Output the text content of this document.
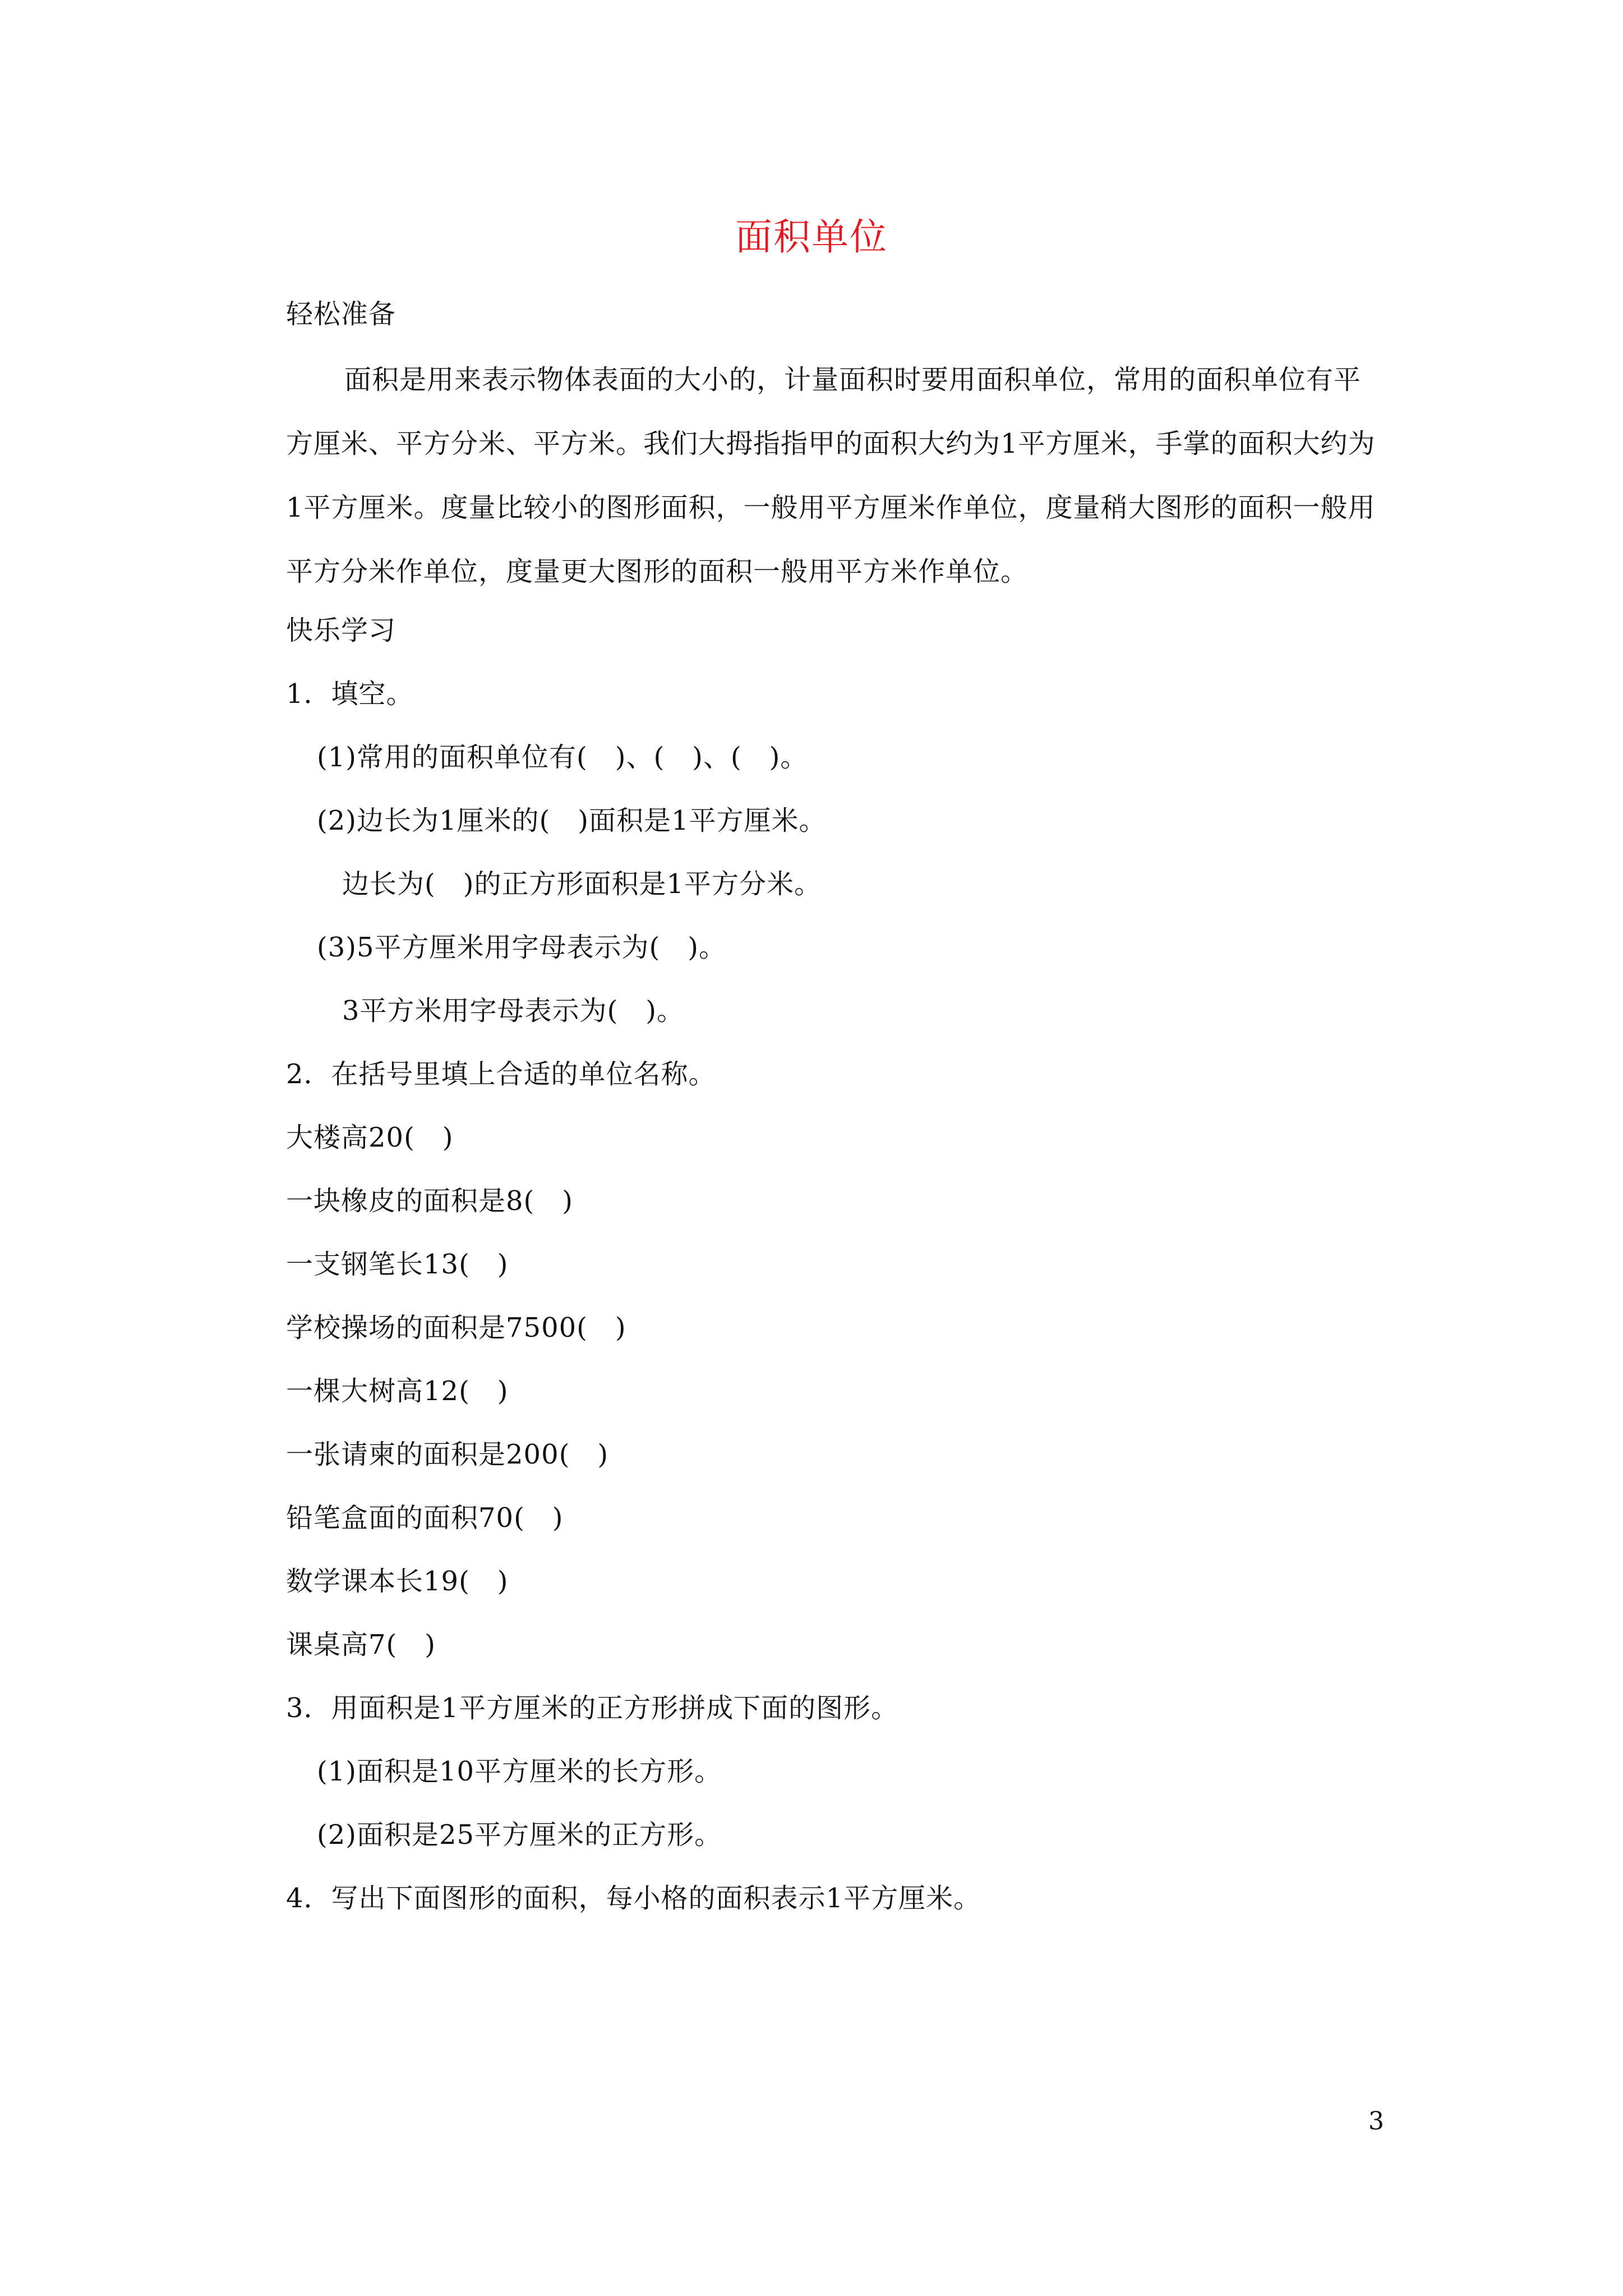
面积单位
轻松准备
面积是用来表示物体表面的大小的，计量面积时要用面积单位，常用的面积单位有平方厘米、平方分米、平方米。我们大拇指指甲的面积大约为1平方厘米，手掌的面积大约为1平方厘米。度量比较小的图形面积，一般用平方厘米作单位，度量稍大图形的面积一般用平方分米作单位，度量更大图形的面积一般用平方米作单位。
快乐学习
1．填空。
(1)常用的面积单位有(　)、(　)、(　)。
(2)边长为1厘米的(　)面积是1平方厘米。
边长为(　)的正方形面积是1平方分米。
(3)5平方厘米用字母表示为(　)。
3平方米用字母表示为(　)。
2．在括号里填上合适的单位名称。
大楼高20(　)
一块橡皮的面积是8(　)
一支钢笔长13(　)
学校操场的面积是7500(　)
一棵大树高12(　)
一张请柬的面积是200(　)
铅笔盒面的面积70(　)
数学课本长19(　)
课桌高7(　)
3．用面积是1平方厘米的正方形拼成下面的图形。
(1)面积是10平方厘米的长方形。
(2)面积是25平方厘米的正方形。
4．写出下面图形的面积，每小格的面积表示1平方厘米。
3
